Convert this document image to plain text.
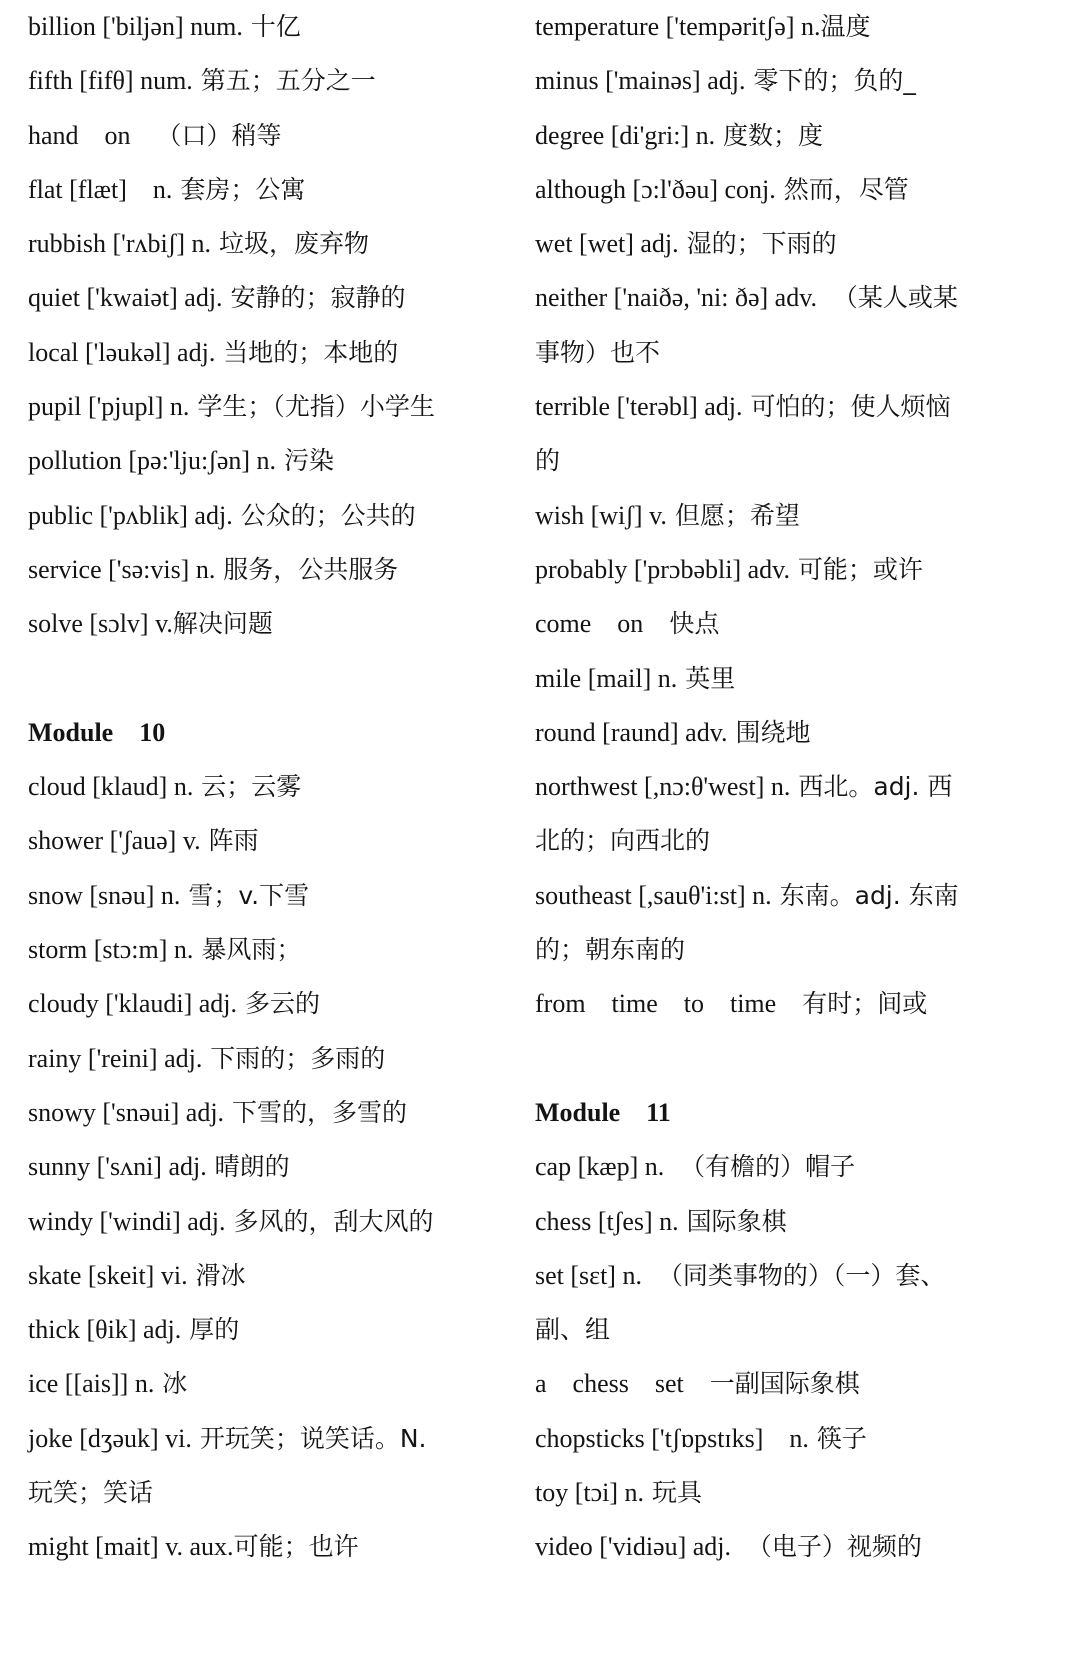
billion ['biljən] num. 十亿
fifth [fifθ] num. 第五；五分之一
hand    on    （口）稍等
flat [flæt]    n. 套房；公寓
rubbish ['rʌbiʃ] n. 垃圾，废弃物
quiet ['kwaiət] adj. 安静的；寂静的
local ['ləukəl] adj. 当地的；本地的
pupil ['pjupl] n. 学生；（尤指）小学生
pollution [pə:'lju:ʃən] n. 污染
public ['pʌblik] adj. 公众的；公共的
service ['sə:vis] n. 服务，公共服务
solve [sɔlv] v.解决问题
Module    10
cloud [klaud] n. 云；云雾
shower ['ʃauə] v. 阵雨
snow [snəu] n. 雪；v.下雪
storm [stɔ:m] n. 暴风雨；
cloudy ['klaudi] adj. 多云的
rainy ['reini] adj. 下雨的；多雨的
snowy ['snəui] adj. 下雪的，多雪的
sunny ['sʌni] adj. 晴朗的
windy ['windi] adj. 多风的，刮大风的
skate [skeit] vi. 滑冰
thick [θik] adj. 厚的
ice [[ais]] n. 冰
joke [dʒəuk] vi. 开玩笑；说笑话。N.
玩笑；笑话
might [mait] v. aux.可能；也许
temperature ['tempəritʃə] n.温度
minus ['mainəs] adj. 零下的；负的_
degree [di'gri:] n. 度数；度
although [ɔ:l'ðəu] conj. 然而，尽管
wet [wet] adj. 湿的；下雨的
neither ['naiðə, 'ni: ðə] adv.  （某人或某
事物）也不
terrible ['terəbl] adj. 可怕的；使人烦恼
的
wish [wiʃ] v. 但愿；希望
probably ['prɔbəbli] adv. 可能；或许
come    on    快点
mile [mail] n. 英里
round [raund] adv. 围绕地
northwest [,nɔ:θ'west] n. 西北。adj. 西
北的；向西北的
southeast [,sauθ'i:st] n. 东南。adj. 东南
的；朝东南的
from    time    to    time    有时；间或
Module    11
cap [kæp] n.  （有檐的）帽子
chess [tʃes] n. 国际象棋
set [sɛt] n.  （同类事物的）（一）套、
副、组
a    chess    set    一副国际象棋
chopsticks ['tʃɒpstɪks]    n. 筷子
toy [tɔi] n. 玩具
video ['vidiəu] adj.  （电子）视频的
